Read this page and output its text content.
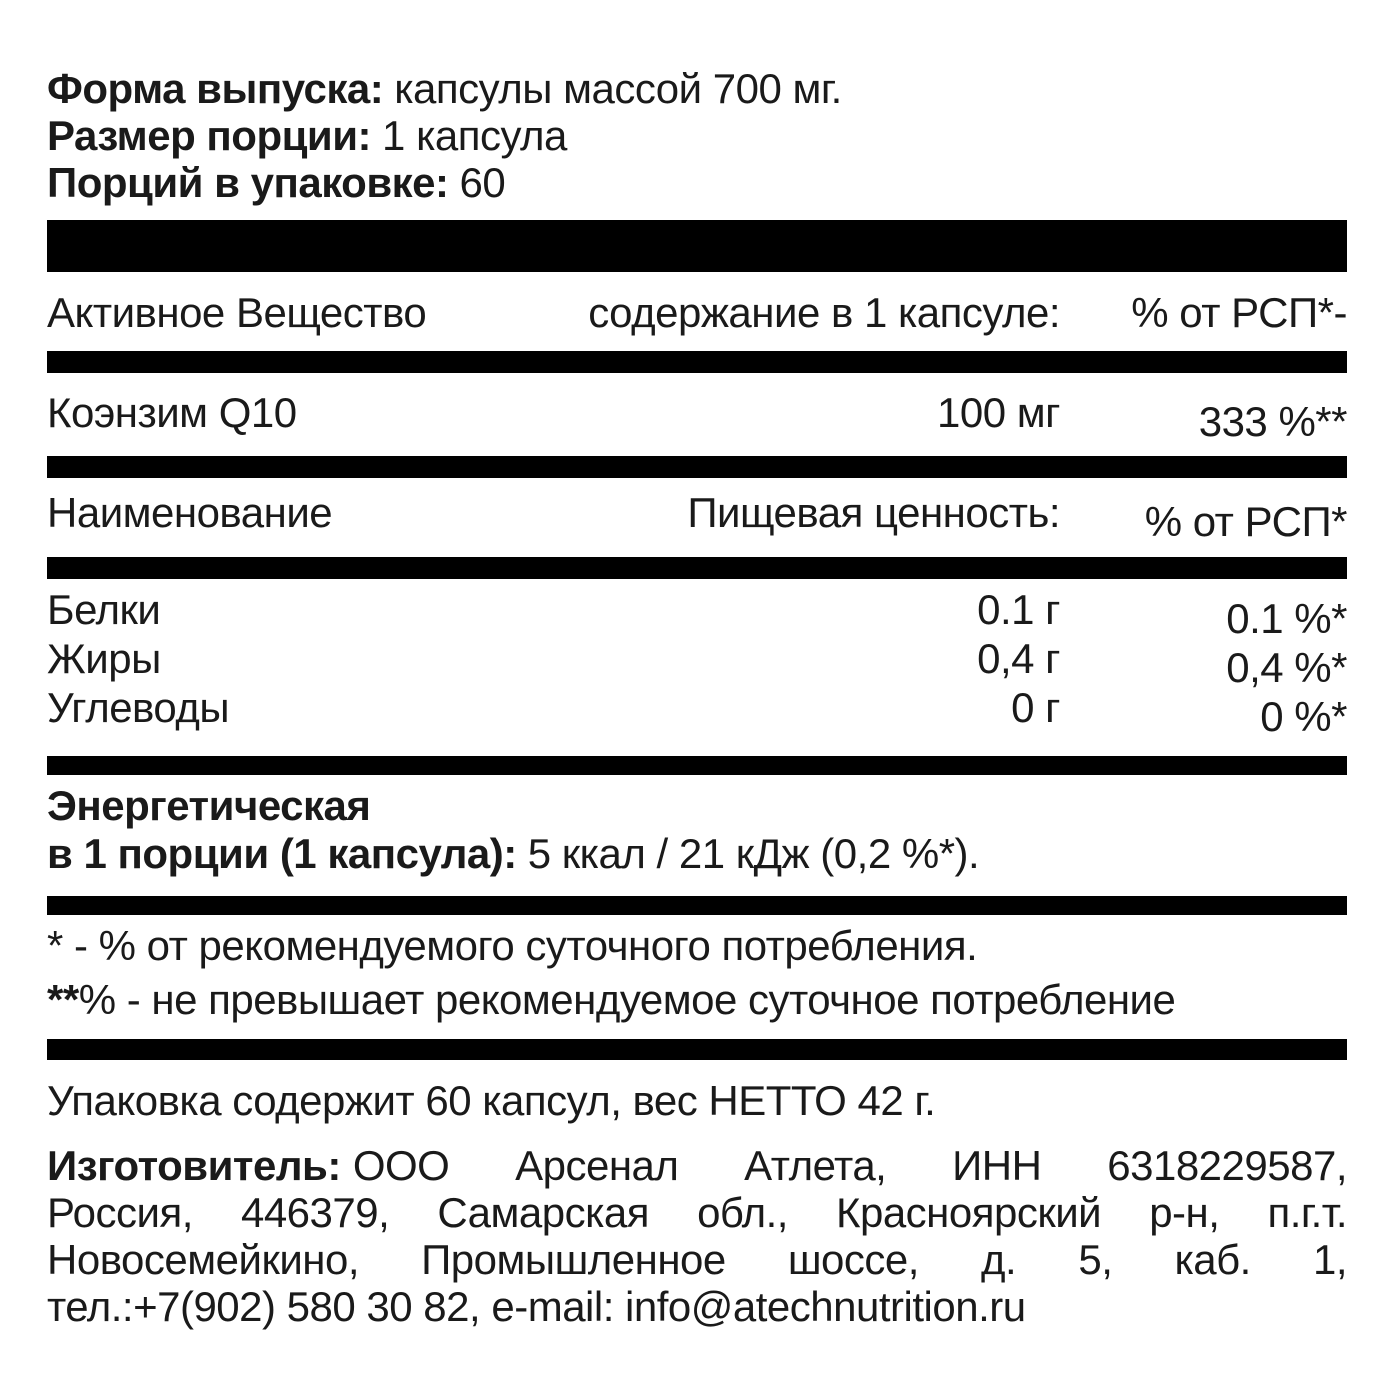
Форма выпуска: капсулы массой 700 мг.
Размер порции: 1 капсула
Порций в упаковке: 60
Активное Вещество	содержание в 1 капсуле:	% от РСП*-
Коэнзим Q10	100 мг	333 %**
Наименование	Пищевая ценность:	% от РСП*
Белки	0.1 г	0.1 %*
Жиры	0,4 г	0,4 %*
Углеводы	0 г	0 %*
Энергетическая
в 1 порции (1 капсула): 5 ккал / 21 кДж (0,2 %*).
* - % от рекомендуемого суточного потребления.
**% - не превышает рекомендуемое суточное потребление
Упаковка содержит 60 капсул, вес НЕТТО 42 г.
Изготовитель: ООО Арсенал Атлета, ИНН 6318229587,
Россия, 446379, Самарская обл., Красноярский р-н, п.г.т.
Новосемейкино, Промышленное шоссе, д. 5, каб. 1,
тел.:+7(902) 580 30 82, e-mail: info@atechnutrition.ru
